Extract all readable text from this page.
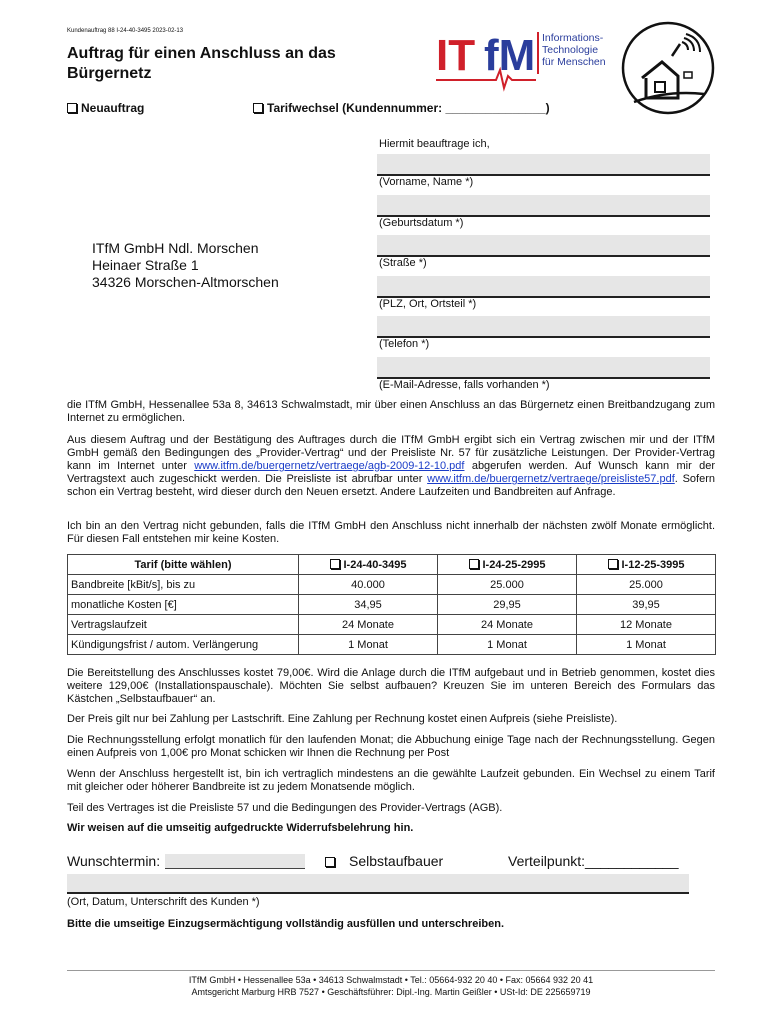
Kundenauftrag 88 I-24-40-3495 2023-02-13
Auftrag für einen Anschluss an das
Bürgernetz	IT fM Informations-
Technologie
für Menschen
Neuauftrag	Tarifwechsel (Kundennummer: _______________)
ITfM GmbH Ndl. Morschen
Heinaer Straße 1
34326 Morschen-Altmorschen
Hiermit beauftrage ich,
(Vorname, Name *)
(Geburtsdatum *)
(Straße *)
(PLZ, Ort, Ortsteil *)
(Telefon *)
(E-Mail-Adresse, falls vorhanden *)
die ITfM GmbH, Hessenallee 53a 8, 34613 Schwalmstadt, mir über einen Anschluss an das Bürgernetz einen Breitbandzugang zum Internet zu ermöglichen.
Aus diesem Auftrag und der Bestätigung des Auftrages durch die ITfM GmbH ergibt sich ein Vertrag zwischen mir und der ITfM GmbH gemäß den Bedingungen des „Provider-Vertrag“ und der Preisliste Nr. 57 für zusätzliche Leistungen. Der Provider-Vertrag kann im Internet unter www.itfm.de/buergernetz/vertraege/agb-2009-12-10.pdf abgerufen werden. Auf Wunsch kann mir der Vertragstext auch zugeschickt werden. Die Preisliste ist abrufbar unter www.itfm.de/buergernetz/vertraege/preisliste57.pdf. Sofern schon ein Vertrag besteht, wird dieser durch den Neuen ersetzt. Andere Laufzeiten und Bandbreiten auf Anfrage.
Ich bin an den Vertrag nicht gebunden, falls die ITfM GmbH den Anschluss nicht innerhalb der nächsten zwölf Monate ermöglicht. Für diesen Fall entstehen mir keine Kosten.
Tarif (bitte wählen)	I-24-40-3495	I-24-25-2995	I-12-25-3995
Bandbreite [kBit/s], bis zu	40.000	25.000	25.000
monatliche Kosten [€]	34,95	29,95	39,95
Vertragslaufzeit	24 Monate	24 Monate	12 Monate
Kündigungsfrist / autom. Verlängerung	1 Monat	1 Monat	1 Monat
Die Bereitstellung des Anschlusses kostet 79,00€. Wird die Anlage durch die ITfM aufgebaut und in Betrieb genommen, kostet dies weitere 129,00€ (Installationspauschale). Möchten Sie selbst aufbauen? Kreuzen Sie im unteren Bereich des Formulars das Kästchen „Selbstaufbauer“ an.
Der Preis gilt nur bei Zahlung per Lastschrift. Eine Zahlung per Rechnung kostet einen Aufpreis (siehe Preisliste).
Die Rechnungsstellung erfolgt monatlich für den laufenden Monat; die Abbuchung einige Tage nach der Rechnungsstellung. Gegen einen Aufpreis von 1,00€ pro Monat schicken wir Ihnen die Rechnung per Post
Wenn der Anschluss hergestellt ist, bin ich vertraglich mindestens an die gewählte Laufzeit gebunden. Ein Wechsel zu einem Tarif mit gleicher oder höherer Bandbreite ist zu jedem Monatsende möglich.
Teil des Vertrages ist die Preisliste 57 und die Bedingungen des Provider-Vertrags (AGB).
Wir weisen auf die umseitig aufgedruckte Widerrufsbelehrung hin.
Wunschtermin:	Selbstaufbauer	Verteilpunkt:____________
(Ort, Datum, Unterschrift des Kunden *)
Bitte die umseitige Einzugsermächtigung vollständig ausfüllen und unterschreiben.
ITfM GmbH • Hessenallee 53a • 34613 Schwalmstadt • Tel.: 05664-932 20 40 • Fax: 05664 932 20 41
Amtsgericht Marburg HRB 7527 • Geschäftsführer: Dipl.-Ing. Martin Geißler • USt-Id: DE 225659719
